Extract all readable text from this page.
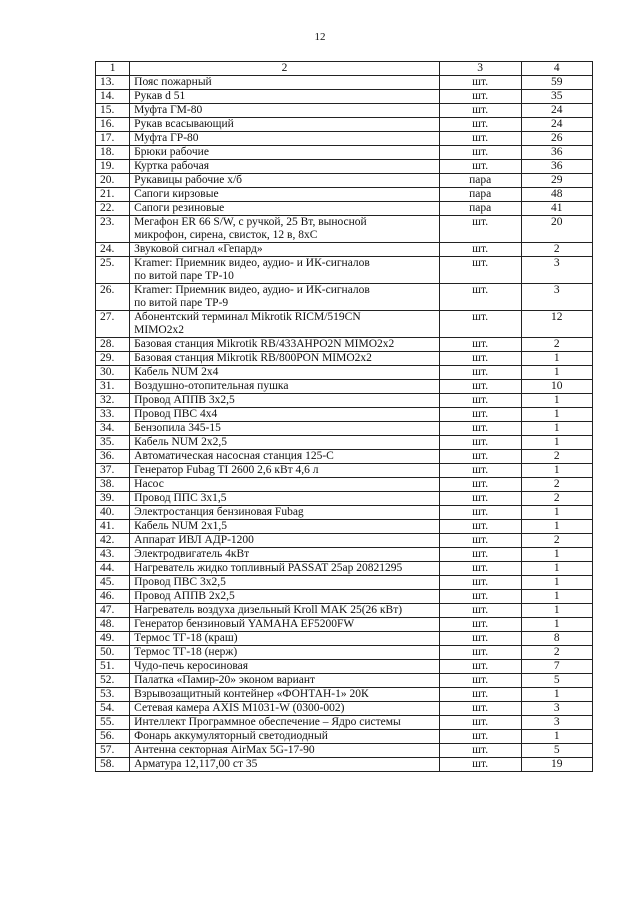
12
1	2	3	4
13.	Пояс пожарный	шт.	59
14.	Рукав d 51	шт.	35
15.	Муфта ГМ-80	шт.	24
16.	Рукав всасывающий	шт.	24
17.	Муфта ГР-80	шт.	26
18.	Брюки рабочие	шт.	36
19.	Куртка рабочая	шт.	36
20.	Рукавицы рабочие х/б	пара	29
21.	Сапоги кирзовые	пара	48
22.	Сапоги резиновые	пара	41
23.	Мегафон ER 66 S/W, с ручкой, 25 Вт, выносной
микрофон, сирена, свисток, 12 в, 8хС	шт.	20
24.	Звуковой сигнал «Гепард»	шт.	2
25.	Kramer: Приемник видео, аудио- и ИК-сигналов
по витой паре TP-10	шт.	3
26.	Kramer: Приемник видео, аудио- и ИК-сигналов
по витой паре TP-9	шт.	3
27.	Абонентский терминал Mikrotik RICM/519CN
MIMO2x2	шт.	12
28.	Базовая станция Mikrotik RB/433AHPO2N MIMO2x2	шт.	2
29.	Базовая станция Mikrotik RB/800PON MIMO2x2	шт.	1
30.	Кабель NUM 2x4	шт.	1
31.	Воздушно-отопительная пушка	шт.	10
32.	Провод АППВ 3x2,5	шт.	1
33.	Провод ПВС 4x4	шт.	1
34.	Бензопила 345-15	шт.	1
35.	Кабель NUM 2x2,5	шт.	1
36.	Автоматическая насосная станция 125-С	шт.	2
37.	Генератор Fubag TI 2600 2,6 кВт 4,6 л	шт.	1
38.	Насос	шт.	2
39.	Провод ППС 3x1,5	шт.	2
40.	Электростанция бензиновая Fubag	шт.	1
41.	Кабель NUM 2x1,5	шт.	1
42.	Аппарат ИВЛ АДР-1200	шт.	2
43.	Электродвигатель 4кВт	шт.	1
44.	Нагреватель жидко топливный PASSAT 25ap 20821295	шт.	1
45.	Провод ПВС 3x2,5	шт.	1
46.	Провод АППВ 2x2,5	шт.	1
47.	Нагреватель воздуха дизельный Kroll MAK 25(26 кВт)	шт.	1
48.	Генератор бензиновый YAMAHA EF5200FW	шт.	1
49.	Термос ТГ-18 (крaш)	шт.	8
50.	Термос ТГ-18 (нерж)	шт.	2
51.	Чудо-печь керосиновая	шт.	7
52.	Палатка «Памир-20» эконом вариант	шт.	5
53.	Взрывозащитный контейнер «ФОНТАН-1» 20К	шт.	1
54.	Сетевая камера AXIS M1031-W (0300-002)	шт.	3
55.	Интеллект Программное обеспечение – Ядро системы	шт.	3
56.	Фонарь аккумуляторный светодиодный	шт.	1
57.	Антенна секторная AirMax 5G-17-90	шт.	5
58.	Арматура 12,117,00 ст 35	шт.	19
